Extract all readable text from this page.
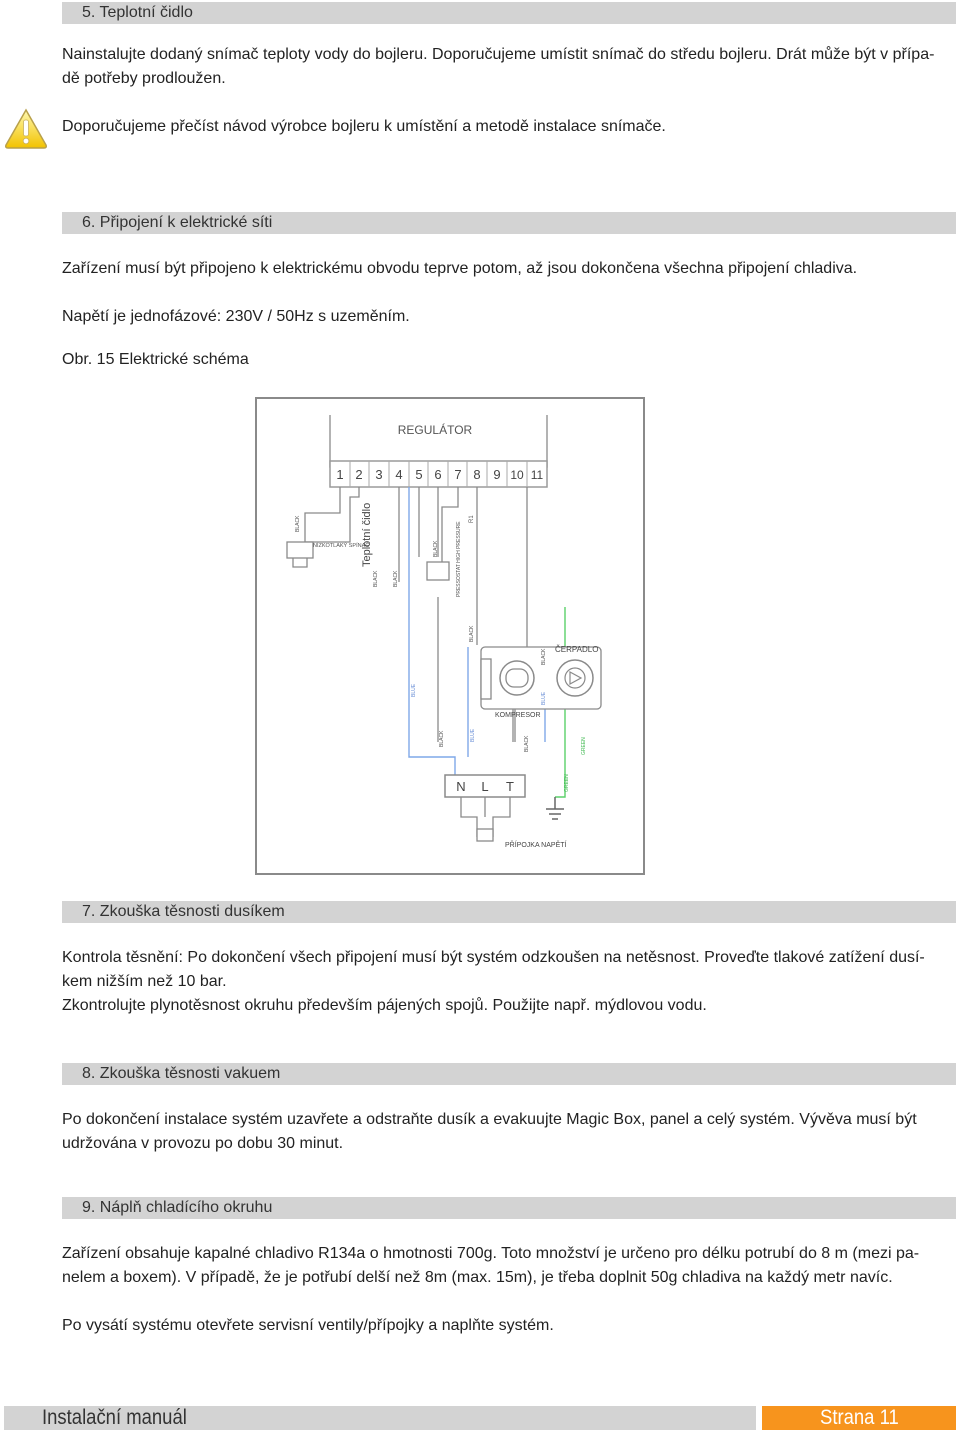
5. Teplotní čidlo

Nainstalujte dodaný snímač teploty vody do bojleru. Doporučujeme umístit snímač do středu bojleru. Drát může být v přípa-

dě potřeby prodloužen.

Doporučujeme přečíst návod výrobce bojleru k umístění a metodě instalace snímače.
6. Připojení k elektrické síti
Zařízení musí být připojeno k elektrickému obvodu teprve potom, až jsou dokončena všechna připojení chladiva.
Napětí je jednofázové: 230V / 50Hz s uzeměním.
Obr. 15 Elektrické schéma
REGULÁTOR
1 2 3 4 5 6 7 8 9 10 11
NÍZKOTLAKÝ SPÍNAČ
BLACK	Teplotní čidlo
BLACK	BLACK	PRESSOSTAT HIGH PRESSURE
BLACK
R1
BLACK
BLUE
BLACK	BLUE
ČERPADLO
KOMPRESOR
BLACK
BLUE
BLACK	GREEN
GREEN
N L T
PŘÍPOJKA NAPĚTÍ
7. Zkouška těsnosti dusíkem

Kontrola těsnění: Po dokončení všech připojení musí být systém odzkoušen na netěsnost. Proveďte tlakové zatížení dusí-

kem nižším než 10 bar.

Zkontrolujte plynotěsnost okruhu především pájených spojů. Použijte např. mýdlovou vodu.

8. Zkouška těsnosti vakuem

Po dokončení instalace systém uzavřete a odstraňte dusík a evakuujte Magic Box, panel a celý systém. Vývěva musí být

udržována v provozu po dobu 30 minut.

9. Náplň chladícího okruhu

Zařízení obsahuje kapalné chladivo R134a o hmotnosti 700g. Toto množství je určeno pro délku potrubí do 8 m (mezi pa-

nelem a boxem). V případě, že je potřubí delší než 8m (max. 15m), je třeba doplnit 50g chladiva na každý metr navíc.

Po vysátí systému otevřete servisní ventily/přípojky a naplňte systém.
Instalační manuál	Strana 11
